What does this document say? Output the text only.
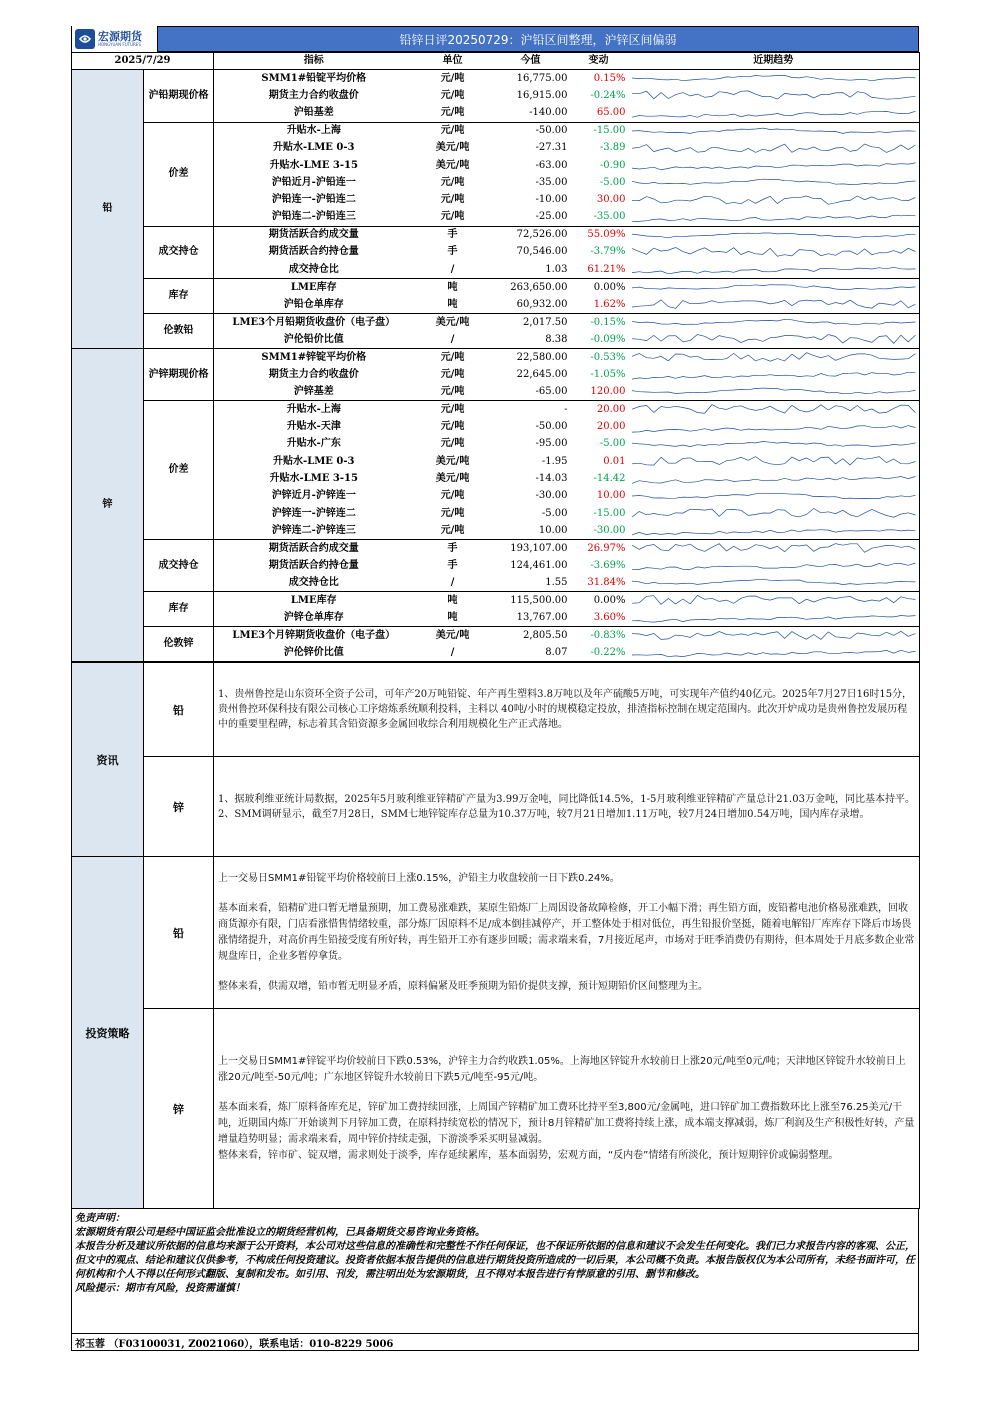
宏源期货
HONGYUAN FUTURES	铅锌日评20250729：沪铅区间整理，沪锌区间偏弱
2025/7/29		指标	单位	今值	变动	近期趋势
铅	沪铅期现价格	SMM1#铅锭平均价格	元/吨	16,775.00	0.15%	

		期货主力合约收盘价	元/吨	16,915.00	-0.24%	

		沪铅基差	元/吨	-140.00	65.00	

	价差	升贴水-上海	元/吨	-50.00	-15.00	

		升贴水-LME 0-3	美元/吨	-27.31	-3.89	

		升贴水-LME 3-15	美元/吨	-63.00	-0.90	

		沪铅近月-沪铅连一	元/吨	-35.00	-5.00	

		沪铅连一-沪铅连二	元/吨	-10.00	30.00	

		沪铅连二-沪铅连三	元/吨	-25.00	-35.00	

	成交持仓	期货活跃合约成交量	手	72,526.00	55.09%	

		期货活跃合约持仓量	手	70,546.00	-3.79%	

		成交持仓比	/	1.03	61.21%	

	库存	LME库存	吨	263,650.00	0.00%	

		沪铅仓单库存	吨	60,932.00	1.62%	

	伦敦铅	LME3个月铅期货收盘价（电子盘）	美元/吨	2,017.50	-0.15%	

		沪伦铅价比值	/	8.38	-0.09%	

锌	沪锌期现价格	SMM1#锌锭平均价格	元/吨	22,580.00	-0.53%	

		期货主力合约收盘价	元/吨	22,645.00	-1.05%	

		沪锌基差	元/吨	-65.00	120.00	

	价差	升贴水-上海	元/吨	-	20.00	

		升贴水-天津	元/吨	-50.00	20.00	

		升贴水-广东	元/吨	-95.00	-5.00	

		升贴水-LME 0-3	美元/吨	-1.95	0.01	

		升贴水-LME 3-15	美元/吨	-14.03	-14.42	

		沪锌近月-沪锌连一	元/吨	-30.00	10.00	

		沪锌连一-沪锌连二	元/吨	-5.00	-15.00	

		沪锌连二-沪锌连三	元/吨	10.00	-30.00	

	成交持仓	期货活跃合约成交量	手	193,107.00	26.97%	

		期货活跃合约持仓量	手	124,461.00	-3.69%	

		成交持仓比	/	1.55	31.84%	

	库存	LME库存	吨	115,500.00	0.00%	

		沪锌仓单库存	吨	13,767.00	3.60%	

	伦敦锌	LME3个月锌期货收盘价（电子盘）	美元/吨	2,805.50	-0.83%	

		沪伦锌价比值	/	8.07	-0.22%	
资讯	铅	1、贵州鲁控是山东资环全资子公司，可年产20万吨铅锭、年产再生塑料3.8万吨以及年产硫酸5万吨，可实现年产值约40亿元。2025年7月27日16时15分，贵州鲁控环保科技有限公司核心工序熔炼系统顺利投料，主料以 40吨/小时的规模稳定投放，排渣指标控制在规定范围内。此次开炉成功是贵州鲁控发展历程中的重要里程碑，标志着其含铅资源多金属回收综合利用规模化生产正式落地。
	锌	1、据玻利维亚统计局数据，2025年5月玻利维亚锌精矿产量为3.99万金吨，同比降低14.5%，1-5月玻利维亚锌精矿产量总计21.03万金吨，同比基本持平。
2、SMM调研显示，截至7月28日，SMM七地锌锭库存总量为10.37万吨，较7月21日增加1.11万吨，较7月24日增加0.54万吨，国内库存录增。

投资策略	铅	上一交易日SMM1#铅锭平均价格较前日上涨0.15%，沪铅主力收盘较前一日下跌0.24%。
基本面来看，铅精矿进口暂无增量预期，加工费易涨难跌，某原生铅炼厂上周因设备故障检修，开工小幅下滑；再生铅方面，废铅蓄电池价格易涨难跌，回收商货源亦有限，门店看涨惜售情绪较重，部分炼厂因原料不足/成本倒挂减停产，开工整体处于相对低位，再生铅报价坚挺，随着电解铅厂库库存下降后市场畏涨情绪提升，对高价再生铅接受度有所好转，再生铅开工亦有逐步回暖；需求端来看，7月接近尾声，市场对于旺季消费仍有期待，但本周处于月底多数企业常规盘库日，企业多暂停拿货。
整体来看，供需双增，铅市暂无明显矛盾，原料偏紧及旺季预期为铅价提供支撑，预计短期铅价区间整理为主。

	锌	上一交易日SMM1#锌锭平均价较前日下跌0.53%，沪锌主力合约收跌1.05%。上海地区锌锭升水较前日上涨20元/吨至0元/吨；天津地区锌锭升水较前日上涨20元/吨至-50元/吨；广东地区锌锭升水较前日下跌5元/吨至-95元/吨。
基本面来看，炼厂原料备库充足，锌矿加工费持续回涨，上周国产锌精矿加工费环比持平至3,800元/金属吨，进口锌矿加工费指数环比上涨至76.25美元/干吨，近期国内炼厂开始谈判下月锌加工费，在原料持续宽松的情况下，预计8月锌精矿加工费将持续上涨，成本端支撑减弱，炼厂利润及生产积极性好转，产量增量趋势明显；需求端来看，周中锌价持续走强，下游淡季采买明显减弱。
整体来看，锌市矿、锭双增，需求则处于淡季，库存延续累库，基本面弱势，宏观方面，“反内卷”情绪有所淡化，预计短期锌价或偏弱整理。
免责声明：
宏源期货有限公司是经中国证监会批准设立的期货经营机构，已具备期货交易咨询业务资格。
本报告分析及建议所依据的信息均来源于公开资料，本公司对这些信息的准确性和完整性不作任何保证，也不保证所依据的信息和建议不会发生任何变化。我们已力求报告内容的客观、公正，但文中的观点、结论和建议仅供参考，不构成任何投资建议。投资者依据本报告提供的信息进行期货投资所造成的一切后果，本公司概不负责。本报告版权仅为本公司所有，未经书面许可，任何机构和个人不得以任何形式翻版、复制和发布。如引用、刊发，需注明出处为宏源期货，且不得对本报告进行有悖原意的引用、删节和修改。
风险提示：期市有风险，投资需谨慎！
祁玉蓉 （F03100031, Z0021060），联系电话：010-8229 5006
